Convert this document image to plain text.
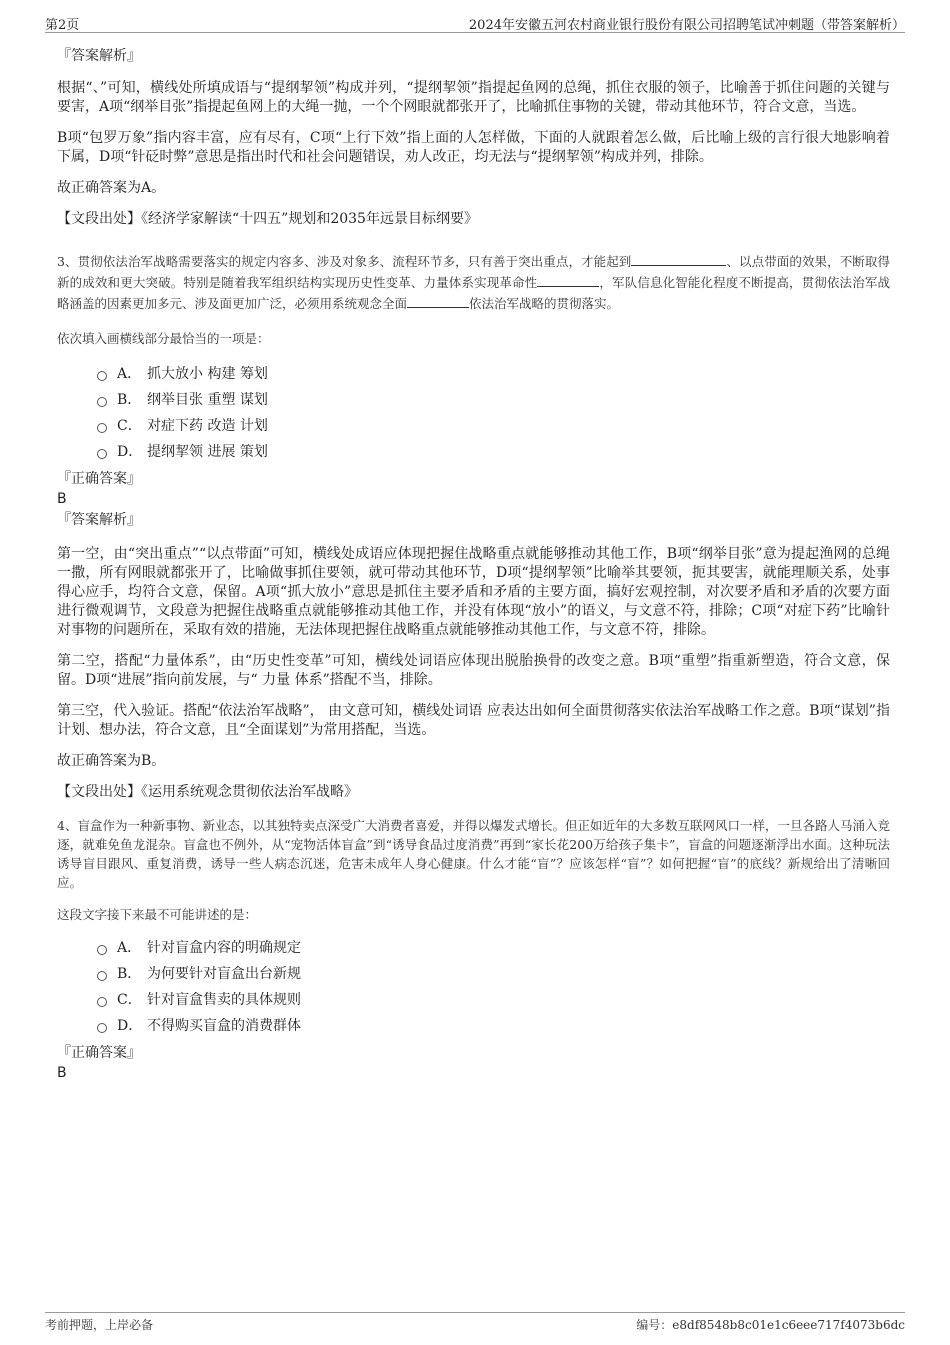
第2页	2024年安徽五河农村商业银行股份有限公司招聘笔试冲刺题（带答案解析）

『答案解析』

根据“、”可知，横线处所填成语与“提纲挈领”构成并列，“提纲挈领”指提起鱼网的总绳，抓住衣服的领子，比喻善于抓住问题的关键与要害，A项“纲举目张”指提起鱼网上的大绳一抛，一个个网眼就都张开了，比喻抓住事物的关键，带动其他环节，符合文意，当选。

B项“包罗万象”指内容丰富，应有尽有，C项“上行下效”指上面的人怎样做，下面的人就跟着怎么做，后比喻上级的言行很大地影响着下属，D项“针砭时弊”意思是指出时代和社会问题错误，劝人改正，均无法与“提纲挈领”构成并列，排除。

故正确答案为A。

【文段出处】《经济学家解读“十四五”规划和2035年远景目标纲要》

3、贯彻依法治军战略需要落实的规定内容多、涉及对象多、流程环节多，只有善于突出重点，才能起到	、以点带面的效果，不断取得新的成效和更大突破。特别是随着我军组织结构实现历史性变革、力量体系实现革命性	，军队信息化智能化程度不断提高，贯彻依法治军战略涵盖的因素更加多元、涉及面更加广泛，必须用系统观念全面	依法治军战略的贯彻落实。

依次填入画横线部分最恰当的一项是：

A． 抓大放小 构建 筹划
B． 纲举目张 重塑 谋划
C． 对症下药 改造 计划
D． 提纲挈领 进展 策划

『正确答案』

B

『答案解析』

第一空，由“突出重点”“以点带面”可知，横线处成语应体现把握住战略重点就能够推动其他工作，B项“纲举目张”意为提起渔网的总绳一撒，所有网眼就都张开了，比喻做事抓住要领，就可带动其他环节，D项“提纲挈领”比喻举其要领，扼其要害，就能理顺关系，处事得心应手，均符合文意，保留。A项“抓大放小”意思是抓住主要矛盾和矛盾的主要方面，搞好宏观控制，对次要矛盾和矛盾的次要方面进行微观调节，文段意为把握住战略重点就能够推动其他工作，并没有体现“放小”的语义，与文意不符，排除；C项“对症下药”比喻针对事物的问题所在，采取有效的措施，无法体现把握住战略重点就能够推动其他工作，与文意不符，排除。

第二空，搭配“力量体系”，由“历史性变革”可知，横线处词语应体现出脱胎换骨的改变之意。B项“重塑”指重新塑造，符合文意，保留。D项“进展”指向前发展，与“ 力量 体系”搭配不当，排除。

第三空，代入验证。搭配“依法治军战略”， 由文意可知，横线处词语 应表达出如何全面贯彻落实依法治军战略工作之意。B项“谋划”指计划、想办法，符合文意，且“全面谋划”为常用搭配，当选。

故正确答案为B。

【文段出处】《运用系统观念贯彻依法治军战略》

4、盲盒作为一种新事物、新业态，以其独特卖点深受广大消费者喜爱，并得以爆发式增长。但正如近年的大多数互联网风口一样，一旦各路人马涌入竞逐，就难免鱼龙混杂。盲盒也不例外，从“宠物活体盲盒”到“诱导食品过度消费”再到“家长花200万给孩子集卡”，盲盒的问题逐渐浮出水面。这种玩法诱导盲目跟风、重复消费，诱导一些人病态沉迷，危害未成年人身心健康。什么才能“盲”？应该怎样“盲”？如何把握“盲”的底线？新规给出了清晰回应。

这段文字接下来最不可能讲述的是：

A． 针对盲盒内容的明确规定
B． 为何要针对盲盒出台新规
C． 针对盲盒售卖的具体规则
D． 不得购买盲盒的消费群体

『正确答案』

B

考前押题，上岸必备	编号：e8df8548b8c01e1c6eee717f4073b6dc
